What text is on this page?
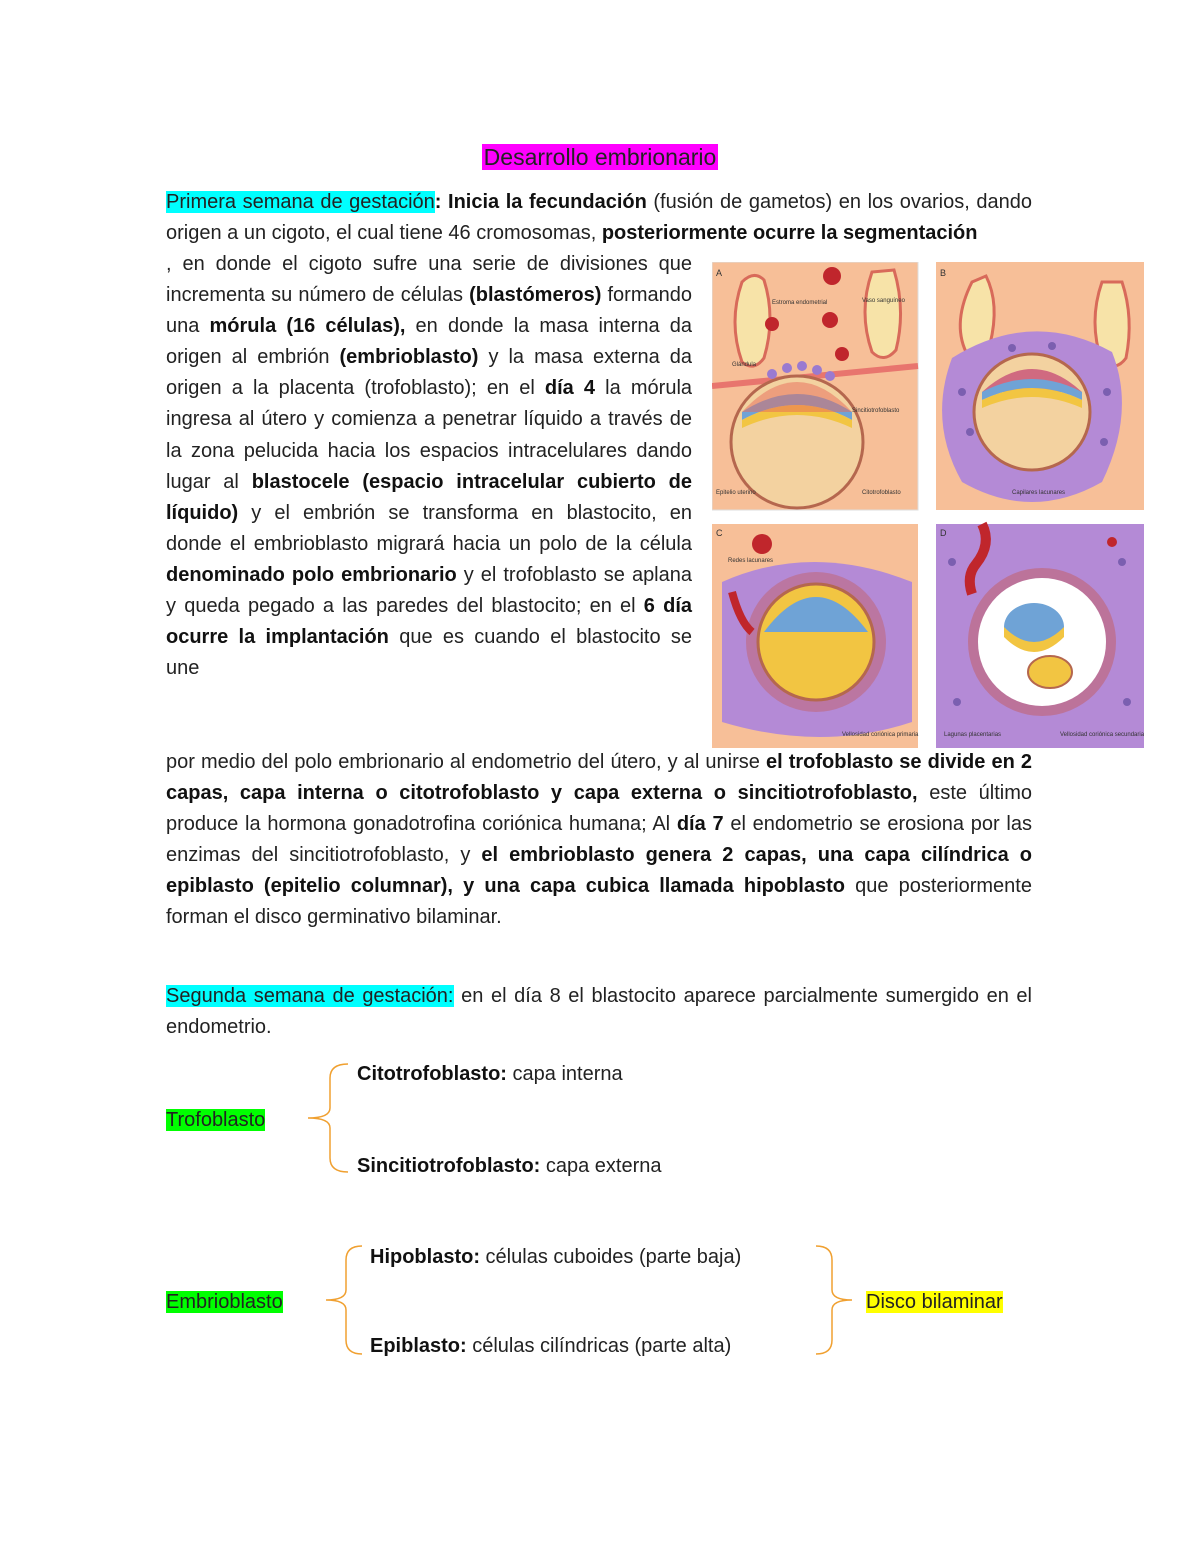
Desarrollo embrionario

Primera semana de gestación: Inicia la fecundación (fusión de gametos) en los ovarios, dando origen a un cigoto, el cual tiene 46 cromosomas, posteriormente ocurre la segmentación

, en donde el cigoto sufre una serie de divisiones que incrementa su número de células (blastómeros) formando una mórula (16 células), en donde la masa interna da origen al embrión (embrioblasto) y la masa externa da origen a la placenta (trofoblasto); en el día 4 la mórula ingresa al útero y comienza a penetrar líquido a través de la zona pelucida hacia los espacios intracelulares dando lugar al blastocele (espacio intracelular cubierto de líquido) y el embrión se transforma en blastocito, en donde el embrioblasto migrará hacia un polo de la célula denominado polo embrionario y el trofoblasto se aplana y queda pegado a las paredes del blastocito; en el 6 día ocurre la implantación que es cuando el blastocito se une

por medio del polo embrionario al endometrio del útero, y al unirse el trofoblasto se divide en 2 capas, capa interna o citotrofoblasto y capa externa o sincitiotrofoblasto, este último produce la hormona gonadotrofina coriónica humana; Al día 7 el endometrio se erosiona por las enzimas del sincitiotrofoblasto, y el embrioblasto genera 2 capas, una capa cilíndrica o epiblasto (epitelio columnar), y una capa cubica llamada hipoblasto que posteriormente forman el disco germinativo bilaminar.

A
Glándula
Estroma endometrial	Vaso sanguíneo
Sincitiotrofoblasto
Epitelio uterino	Citotrofoblasto
B
Capilares lacunares
C
Redes lacunares
Vellosidad coriónica primaria
D
Lagunas placentarias	Vellosidad coriónica secundaria
Segunda semana de gestación: en el día 8 el blastocito aparece parcialmente sumergido en el endometrio.
Trofoblasto
Citotrofoblasto: capa interna
Sincitiotrofoblasto: capa externa
Embrioblasto
Hipoblasto: células cuboides (parte baja)
Epiblasto: células cilíndricas (parte alta)
Disco bilaminar
